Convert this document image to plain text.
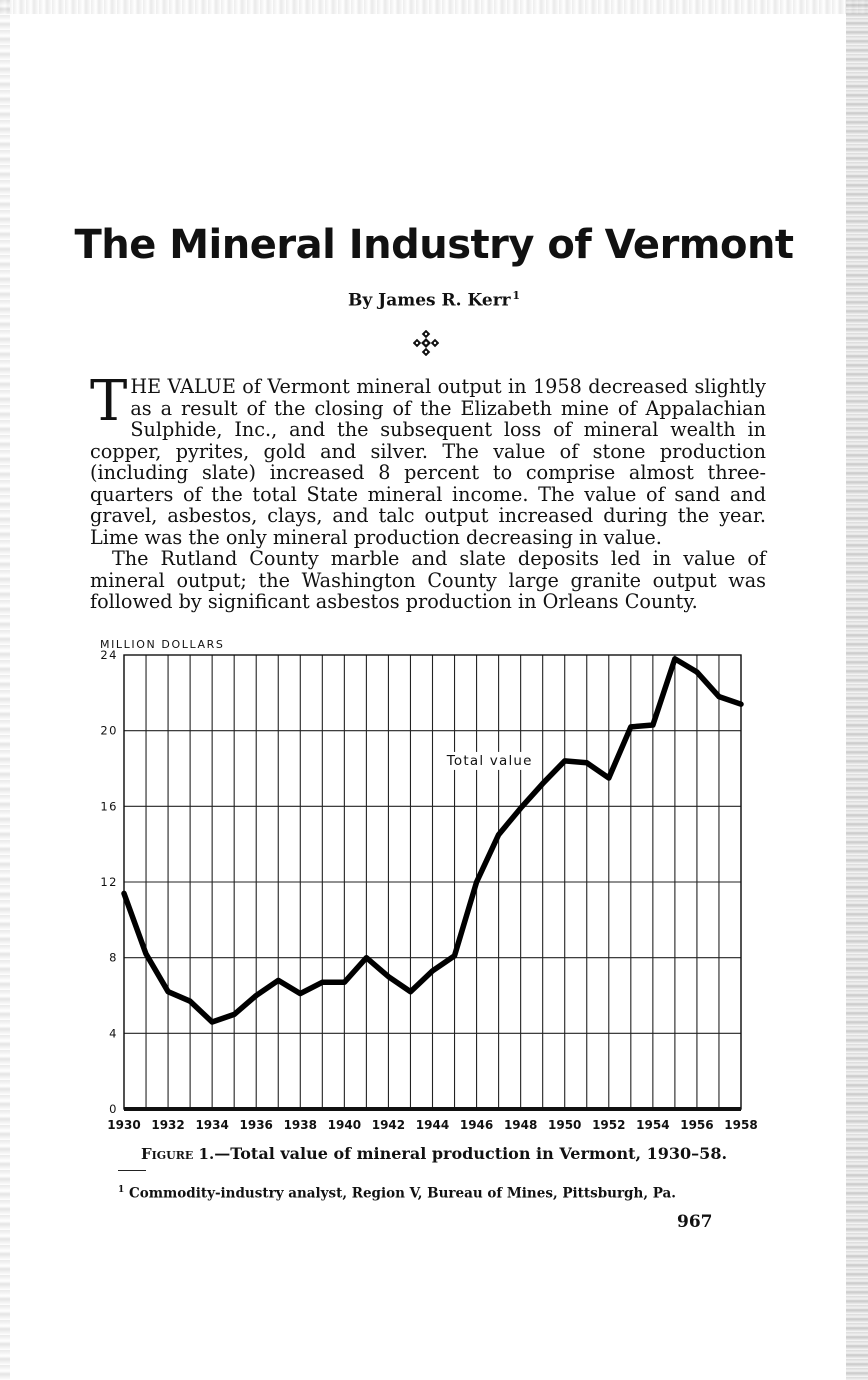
The Mineral Industry of Vermont
By James R. Kerr  $^1$

THE VALUE of Vermont mineral output in 1958 decreased slightly as a result of the closing of the Elizabeth mine of Appalachian Sulphide, Inc., and the subsequent loss of mineral wealth in copper, pyrites, gold and silver. The value of stone production (including slate) increased 8 percent to comprise almost three-quarters of the total State mineral income. The value of sand and gravel, asbestos, clays, and talc output increased during the year. Lime was the only mineral production decreasing in value.

The Rutland County marble and slate deposits led in value of mineral output; the Washington County large granite output was followed by significant asbestos production in Orleans County.

0
4
8
12
16
20
24
1930 1932 1934 1936 1938 1940 1942 1944 1946 1948 1950 1952 1954 1956 1958
MILLION DOLLARS
Total value
Figure 1.—Total value of mineral production in Vermont, 1930–58.
$^1$ Commodity-industry analyst, Region V, Bureau of Mines, Pittsburgh, Pa.
967
